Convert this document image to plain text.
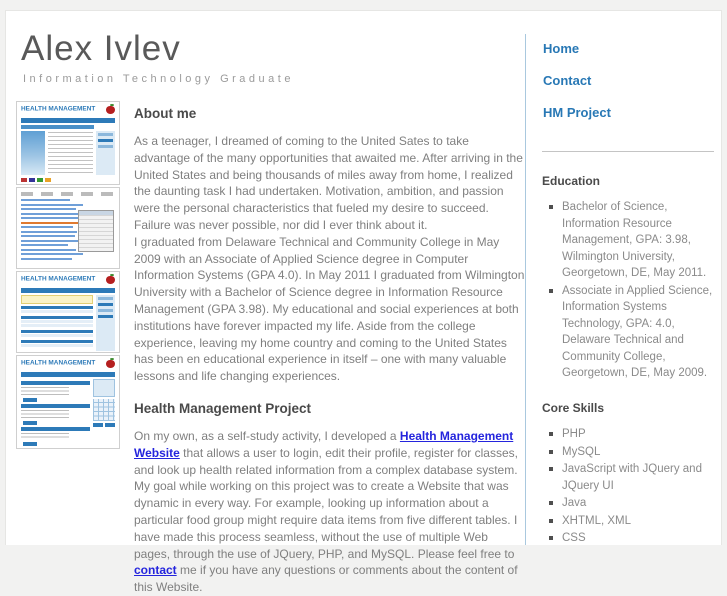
Alex Ivlev
Information Technology Graduate
HEALTH MANAGEMENT
HEALTH MANAGEMENT
HEALTH MANAGEMENT
About me

As a teenager, I dreamed of coming to the United Sates to take advantage of the many opportunities that awaited me. After arriving in the United States and being thousands of miles away from home, I realized the daunting task I had undertaken. Motivation, ambition, and passion were the personal characteristics that fueled my desire to succeed. Failure was never possible, nor did I ever think about it.
I graduated from Delaware Technical and Community College in May 2009 with an Associate of Applied Science degree in Computer Information Systems (GPA 4.0). In May 2011 I graduated from Wilmington University with a Bachelor of Science degree in Information Resource Management (GPA 3.98). My educational and social experiences at both institutions have forever impacted my life. Aside from the college experience, leaving my home country and coming to the United States has been en educational experience in itself – one with many valuable lessons and life changing experiences.

Health Management Project

On my own, as a self-study activity, I developed a Health Management Website that allows a user to login, edit their profile, register for classes, and look up health related information from a complex database system. My goal while working on this project was to create a Website that was dynamic in every way. For example, looking up information about a particular food group might require data items from five different tables. I have made this process seamless, without the use of multiple Web pages, through the use of JQuery, PHP, and MySQL. Please feel free to contact me if you have any questions or comments about the content of this Website.

Home
Contact
HM Project
Education
Bachelor of Science, Information Resource Management, GPA: 3.98, Wilmington University, Georgetown, DE, May 2011.
Associate in Applied Science, Information Systems Technology, GPA: 4.0, Delaware Technical and Community College, Georgetown, DE, May 2009.
Core Skills
PHP
MySQL
JavaScript with JQuery and JQuery UI
Java
XHTML, XML
CSS
